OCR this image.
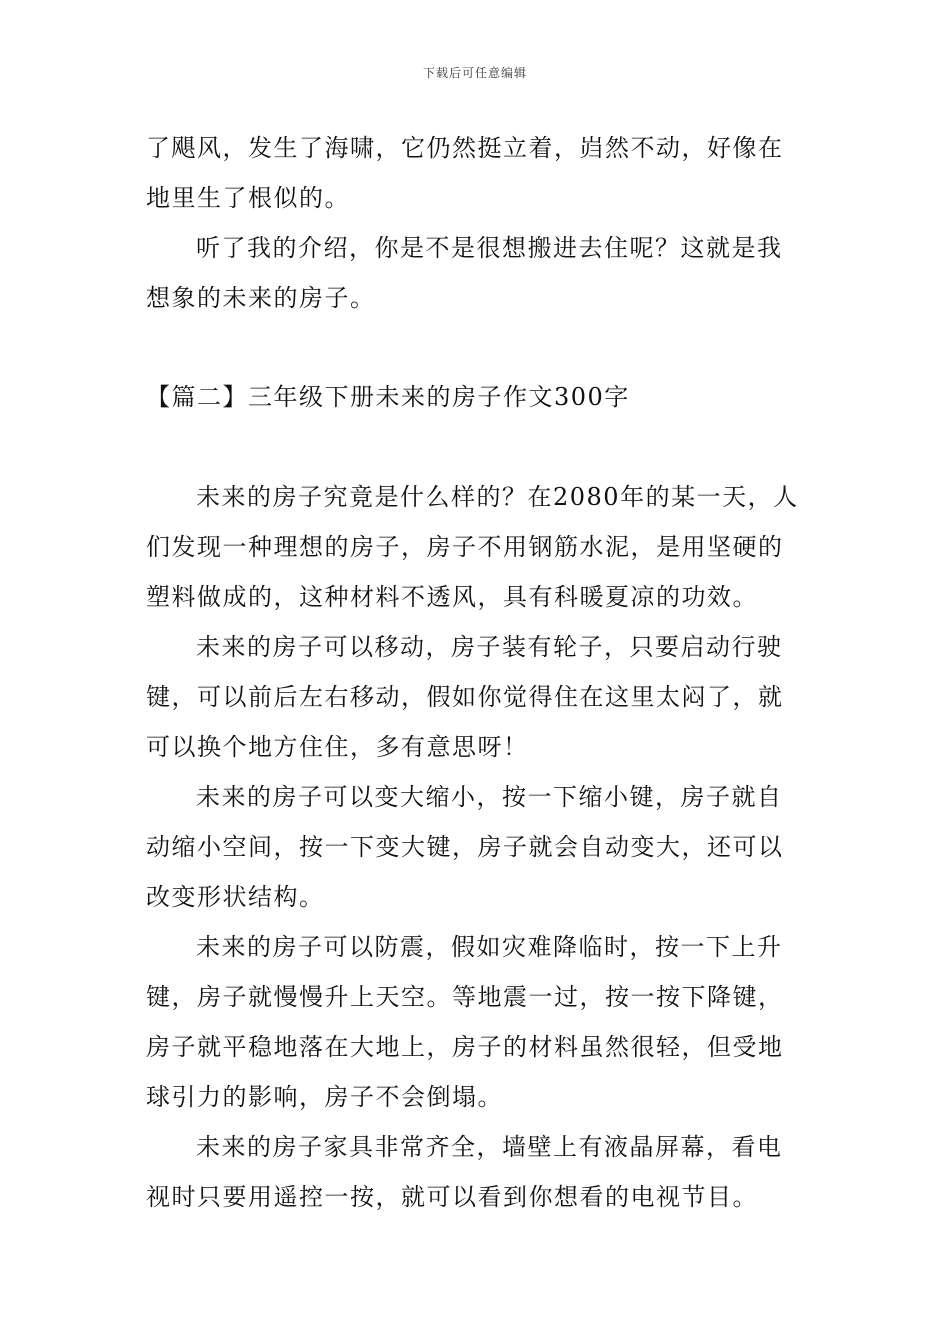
下载后可任意编辑
了飓风，发生了海啸，它仍然挺立着，岿然不动，好像在
地里生了根似的。
听了我的介绍，你是不是很想搬进去住呢？这就是我
想象的未来的房子。
【篇二】三年级下册未来的房子作文300字
未来的房子究竟是什么样的？在2080年的某一天，人
们发现一种理想的房子，房子不用钢筋水泥，是用坚硬的
塑料做成的，这种材料不透风，具有科暖夏凉的功效。
未来的房子可以移动，房子装有轮子，只要启动行驶
键，可以前后左右移动，假如你觉得住在这里太闷了，就
可以换个地方住住，多有意思呀！
未来的房子可以变大缩小，按一下缩小键，房子就自
动缩小空间，按一下变大键，房子就会自动变大，还可以
改变形状结构。
未来的房子可以防震，假如灾难降临时，按一下上升
键，房子就慢慢升上天空。等地震一过，按一按下降键，
房子就平稳地落在大地上，房子的材料虽然很轻，但受地
球引力的影响，房子不会倒塌。
未来的房子家具非常齐全，墙壁上有液晶屏幕，看电
视时只要用遥控一按，就可以看到你想看的电视节目。
